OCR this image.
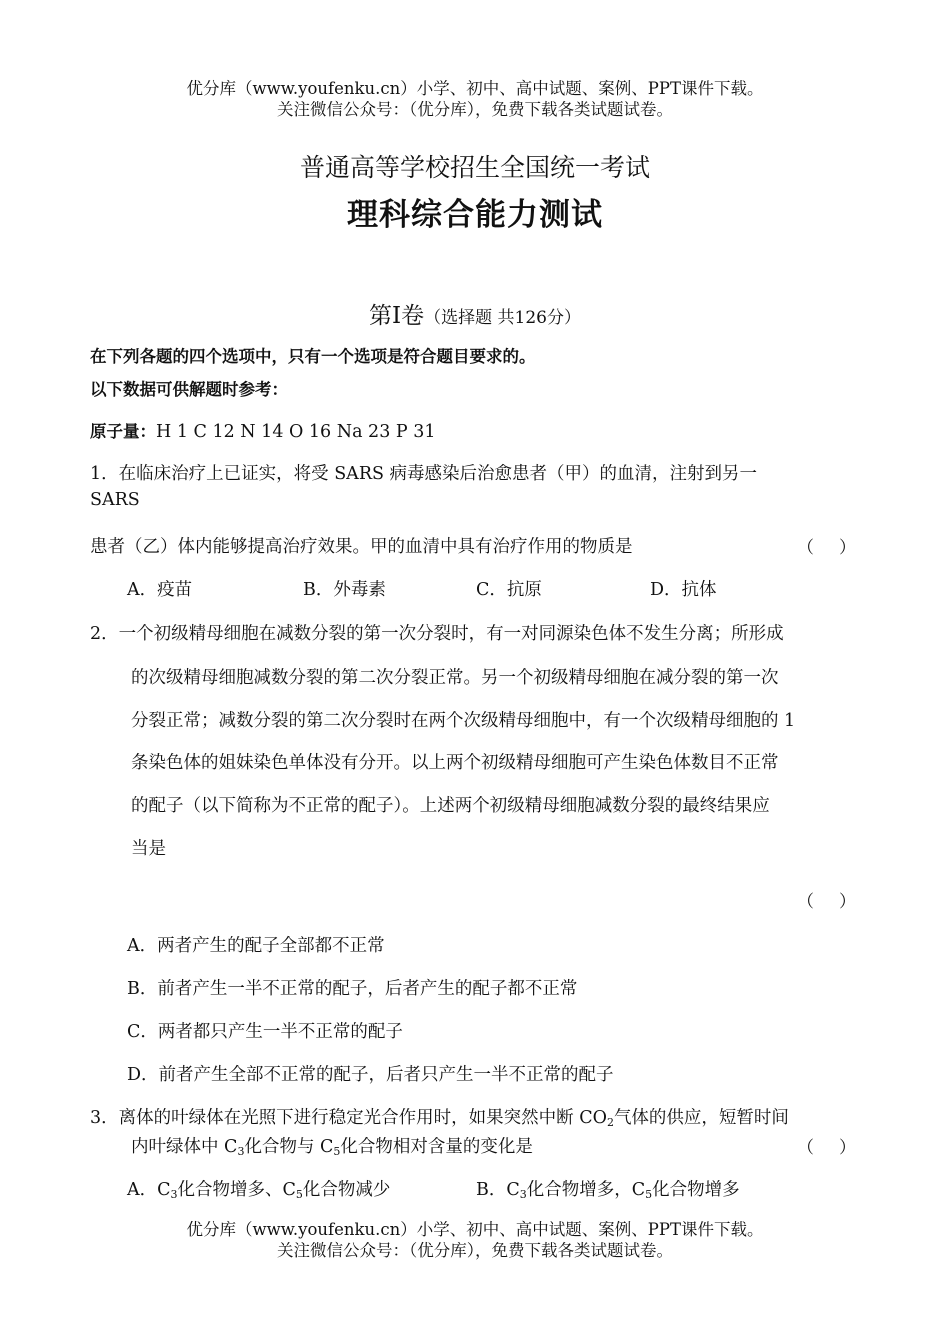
优分库（www.youfenku.cn）小学、初中、高中试题、案例、PPT课件下载。
关注微信公众号：（优分库），免费下载各类试题试卷。
普通高等学校招生全国统一考试
理科综合能力测试
第Ⅰ卷（选择题 共126分）
在下列各题的四个选项中，只有一个选项是符合题目要求的。
以下数据可供解题时参考：
原子量：H 1 C 12 N 14 O 16 Na 23 P 31
1．在临床治疗上已证实，将受 SARS 病毒感染后治愈患者（甲）的血清，注射到另一
SARS
患者（乙）体内能够提高治疗效果。甲的血清中具有治疗作用的物质是	（　）
A．疫苗	B．外毒素	C．抗原	D．抗体
2．一个初级精母细胞在减数分裂的第一次分裂时，有一对同源染色体不发生分离；所形成
的次级精母细胞减数分裂的第二次分裂正常。另一个初级精母细胞在减分裂的第一次
分裂正常；减数分裂的第二次分裂时在两个次级精母细胞中，有一个次级精母细胞的 1
条染色体的姐妹染色单体没有分开。以上两个初级精母细胞可产生染色体数目不正常
的配子（以下简称为不正常的配子）。上述两个初级精母细胞减数分裂的最终结果应
当是
（　）
A．两者产生的配子全部都不正常
B．前者产生一半不正常的配子，后者产生的配子都不正常
C．两者都只产生一半不正常的配子
D．前者产生全部不正常的配子，后者只产生一半不正常的配子
3．离体的叶绿体在光照下进行稳定光合作用时，如果突然中断 $CO_2$气体的供应，短暂时间
内叶绿体中 $C_3$化合物与 $C_5$化合物相对含量的变化是	（　）
A．$C_3$化合物增多、$C_5$化合物减少	B．$C_3$化合物增多，$C_5$化合物增多
优分库（www.youfenku.cn）小学、初中、高中试题、案例、PPT课件下载。
关注微信公众号：（优分库），免费下载各类试题试卷。
